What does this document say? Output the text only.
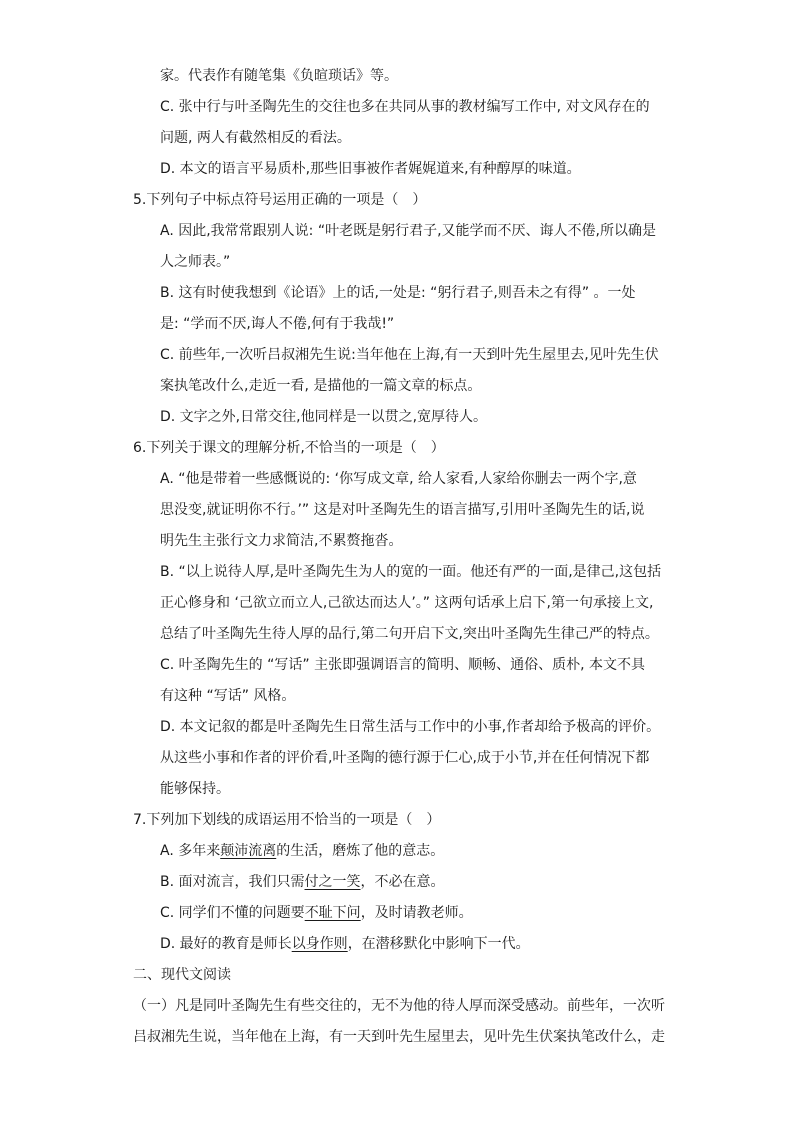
家。代表作有随笔集《负暄琐话》等。
C. 张中行与叶圣陶先生的交往也多在共同从事的教材编写工作中, 对文风存在的
问题, 两人有截然相反的看法。
D. 本文的语言平易质朴,那些旧事被作者娓娓道来,有种醇厚的味道。
5.下列句子中标点符号运用正确的一项是（　）
A. 因此,我常常跟别人说: “叶老既是躬行君子,又能学而不厌、诲人不倦,所以确是
人之师表。”
B. 这有时使我想到《论语》上的话,一处是: “躬行君子,则吾未之有得” 。一处
是: “学而不厌,诲人不倦,何有于我哉!”
C. 前些年,一次听吕叔湘先生说:当年他在上海,有一天到叶先生屋里去,见叶先生伏
案执笔改什么,走近一看, 是描他的一篇文章的标点。
D. 文字之外,日常交往,他同样是一以贯之,宽厚待人。
6.下列关于课文的理解分析,不恰当的一项是（　）
A. “他是带着一些感慨说的: ‘你写成文章, 给人家看,人家给你删去一两个字,意
思没变,就证明你不行。’” 这是对叶圣陶先生的语言描写,引用叶圣陶先生的话,说
明先生主张行文力求简洁,不累赘拖沓。
B. “以上说待人厚,是叶圣陶先生为人的宽的一面。他还有严的一面,是律己,这包括
正心修身和 ‘己欲立而立人,己欲达而达人’。” 这两句话承上启下,第一句承接上文,
总结了叶圣陶先生待人厚的品行,第二句开启下文,突出叶圣陶先生律己严的特点。
C. 叶圣陶先生的 “写话” 主张即强调语言的简明、顺畅、通俗、质朴, 本文不具
有这种 “写话” 风格。
D. 本文记叙的都是叶圣陶先生日常生活与工作中的小事,作者却给予极高的评价。
从这些小事和作者的评价看,叶圣陶的德行源于仁心,成于小节,并在任何情况下都
能够保持。
7.下列加下划线的成语运用不恰当的一项是（　）
A. 多年来颠沛流离的生活，磨炼了他的意志。
B. 面对流言，我们只需付之一笑，不必在意。
C. 同学们不懂的问题要不耻下问，及时请教老师。
D. 最好的教育是师长以身作则，在潜移默化中影响下一代。
二、现代文阅读
（一）凡是同叶圣陶先生有些交往的，无不为他的待人厚而深受感动。前些年，一次听
吕叔湘先生说，当年他在上海，有一天到叶先生屋里去，见叶先生伏案执笔改什么，走
